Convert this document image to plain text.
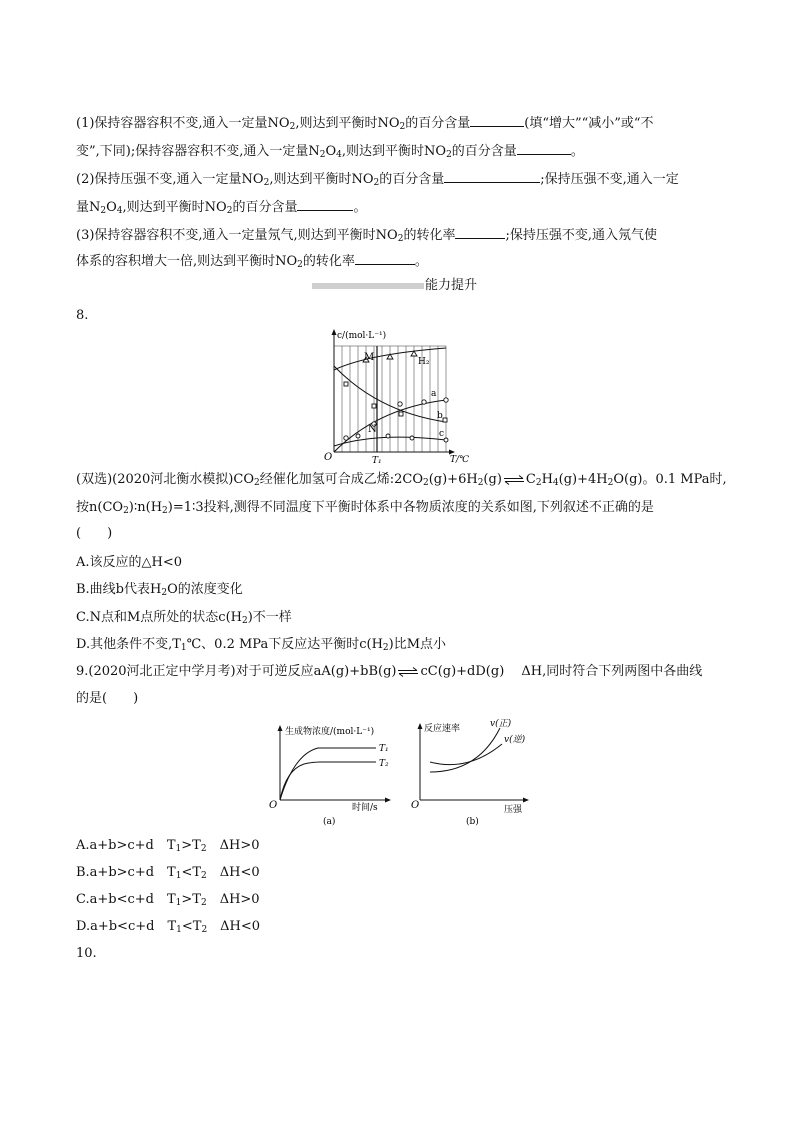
(1)保持容器容积不变,通入一定量$NO_2$,则达到平衡时$NO_2$的百分含量	(填“增大”“减小”或“不
变”,下同);保持容器容积不变,通入一定量$N_2O_4$,则达到平衡时$NO_2$的百分含量	。
(2)保持压强不变,通入一定量$NO_2$,则达到平衡时$NO_2$的百分含量	;保持压强不变,通入一定
量$N_2O_4$,则达到平衡时$NO_2$的百分含量	。
(3)保持容器容积不变,通入一定量氖气,则达到平衡时$NO_2$的转化率	;保持压强不变,通入氖气使
体系的容积增大一倍,则达到平衡时$NO_2$的转化率	。
能力提升
8.
c/(mol·L⁻¹)
M	H₂
a
b
N	c
O	T₁	T/℃
(双选)(2020河北衡水模拟)$CO_2$经催化加氢可合成乙烯$:2CO_2(g)+6H_2(g)\rightleftharpoons C_2H_4(g)+4H_2O(g)$。0.1 MPa时,
按$n(CO_2)∶n(H_2)=1∶3$投料,测得不同温度下平衡时体系中各物质浓度的关系如图,下列叙述不正确的是
(　　)
A.该反应的△H<0
B.曲线b代表$H_2O$的浓度变化
C.N点和M点所处的状态$c(H_2)$不一样
D.其他条件不变$,T_1℃$、0.2 MPa下反应达平衡时$c(H_2)$比M点小
9.(2020河北正定中学月考)对于可逆反应aA(g)+bB(g)⇌cC(g)+dD(g)　 ΔH,同时符合下列两图中各曲线
的是(　　)
生成物浓度/(mol·L⁻¹)
T₁
T₂
O	时间/s
(a)
反应速率	v(正)
v(逆)
O	压强
(b)
A.a+b>c+d　$T_1>T_2$　ΔH>0
B.a+b>c+d　$T_1<T_2$　ΔH<0
C.a+b<c+d　$T_1>T_2$　ΔH>0
D.a+b<c+d　$T_1<T_2$　ΔH<0
10.
